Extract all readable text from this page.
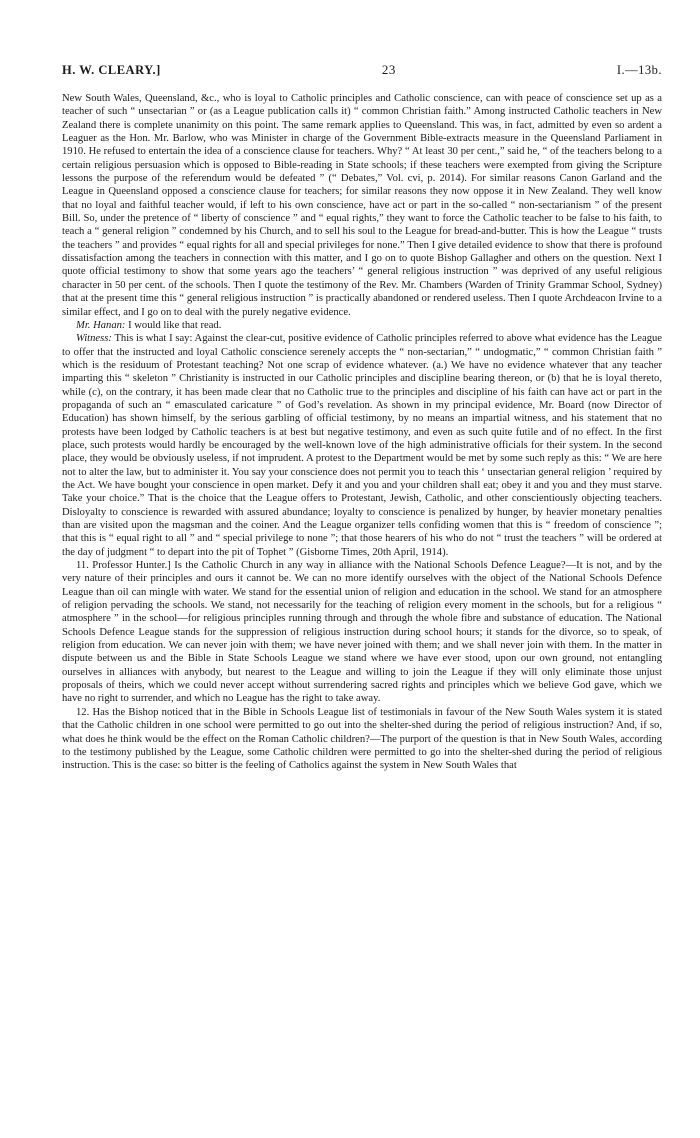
H. W. CLEARY.]	23	I.—13b.

New South Wales, Queensland, &c., who is loyal to Catholic principles and Catholic conscience, can with peace of conscience set up as a teacher of such “ unsectarian ” or (as a League publication calls it) “ common Christian faith.” Among instructed Catholic teachers in New Zealand there is complete unanimity on this point. The same remark applies to Queensland. This was, in fact, admitted by even so ardent a Leaguer as the Hon. Mr. Barlow, who was Minister in charge of the Government Bible-extracts measure in the Queensland Parliament in 1910. He refused to entertain the idea of a conscience clause for teachers. Why? “ At least 30 per cent.,” said he, “ of the teachers belong to a certain religious persuasion which is opposed to Bible-reading in State schools; if these teachers were exempted from giving the Scripture lessons the purpose of the referendum would be defeated ” (“ Debates,” Vol. cvi, p. 2014). For similar reasons Canon Garland and the League in Queensland opposed a conscience clause for teachers; for similar reasons they now oppose it in New Zealand. They well know that no loyal and faithful teacher would, if left to his own conscience, have act or part in the so-called “ non-sectarianism ” of the present Bill. So, under the pretence of “ liberty of conscience ” and “ equal rights,” they want to force the Catholic teacher to be false to his faith, to teach a “ general religion ” condemned by his Church, and to sell his soul to the League for bread-and-butter. This is how the League “ trusts the teachers ” and provides “ equal rights for all and special privileges for none.” Then I give detailed evidence to show that there is profound dissatisfaction among the teachers in connection with this matter, and I go on to quote Bishop Gallagher and others on the question. Next I quote official testimony to show that some years ago the teachers’ “ general religious instruction ” was deprived of any useful religious character in 50 per cent. of the schools. Then I quote the testimony of the Rev. Mr. Chambers (Warden of Trinity Grammar School, Sydney) that at the present time this “ general religious instruction ” is practically abandoned or rendered useless. Then I quote Archdeacon Irvine to a similar effect, and I go on to deal with the purely negative evidence.

Mr. Hanan: I would like that read.

Witness: This is what I say: Against the clear-cut, positive evidence of Catholic principles referred to above what evidence has the League to offer that the instructed and loyal Catholic conscience serenely accepts the “ non-sectarian,” “ undogmatic,” “ common Christian faith ” which is the residuum of Protestant teaching? Not one scrap of evidence whatever. (a.) We have no evidence whatever that any teacher imparting this “ skeleton ” Christianity is instructed in our Catholic principles and discipline bearing thereon, or (b) that he is loyal thereto, while (c), on the contrary, it has been made clear that no Catholic true to the principles and discipline of his faith can have act or part in the propaganda of such an “ emasculated caricature ” of God’s revelation. As shown in my principal evidence, Mr. Board (now Director of Education) has shown himself, by the serious garbling of official testimony, by no means an impartial witness, and his statement that no protests have been lodged by Catholic teachers is at best but negative testimony, and even as such quite futile and of no effect. In the first place, such protests would hardly be encouraged by the well-known love of the high administrative officials for their system. In the second place, they would be obviously useless, if not imprudent. A protest to the Department would be met by some such reply as this: “ We are here not to alter the law, but to administer it. You say your conscience does not permit you to teach this ‘ unsectarian general religion ’ required by the Act. We have bought your conscience in open market. Defy it and you and your children shall eat; obey it and you and they must starve. Take your choice.” That is the choice that the League offers to Protestant, Jewish, Catholic, and other conscientiously objecting teachers. Disloyalty to conscience is rewarded with assured abundance; loyalty to conscience is penalized by hunger, by heavier monetary penalties than are visited upon the magsman and the coiner. And the League organizer tells confiding women that this is “ freedom of conscience ”; that this is “ equal right to all ” and “ special privilege to none ”; that those hearers of his who do not “ trust the teachers ” will be ordered at the day of judgment “ to depart into the pit of Tophet ” (Gisborne Times, 20th April, 1914).

11. Professor Hunter.] Is the Catholic Church in any way in alliance with the National Schools Defence League?—It is not, and by the very nature of their principles and ours it cannot be. We can no more identify ourselves with the object of the National Schools Defence League than oil can mingle with water. We stand for the essential union of religion and education in the school. We stand for an atmosphere of religion pervading the schools. We stand, not necessarily for the teaching of religion every moment in the schools, but for a religious “ atmosphere ” in the school—for religious principles running through and through the whole fibre and substance of education. The National Schools Defence League stands for the suppression of religious instruction during school hours; it stands for the divorce, so to speak, of religion from education. We can never join with them; we have never joined with them; and we shall never join with them. In the matter in dispute between us and the Bible in State Schools League we stand where we have ever stood, upon our own ground, not entangling ourselves in alliances with anybody, but nearest to the League and willing to join the League if they will only eliminate those unjust proposals of theirs, which we could never accept without surrendering sacred rights and principles which we believe God gave, which we have no right to surrender, and which no League has the right to take away.

12. Has the Bishop noticed that in the Bible in Schools League list of testimonials in favour of the New South Wales system it is stated that the Catholic children in one school were permitted to go out into the shelter-shed during the period of religious instruction? And, if so, what does he think would be the effect on the Roman Catholic children?—The purport of the question is that in New South Wales, according to the testimony published by the League, some Catholic children were permitted to go into the shelter-shed during the period of religious instruction. This is the case: so bitter is the feeling of Catholics against the system in New South Wales that
